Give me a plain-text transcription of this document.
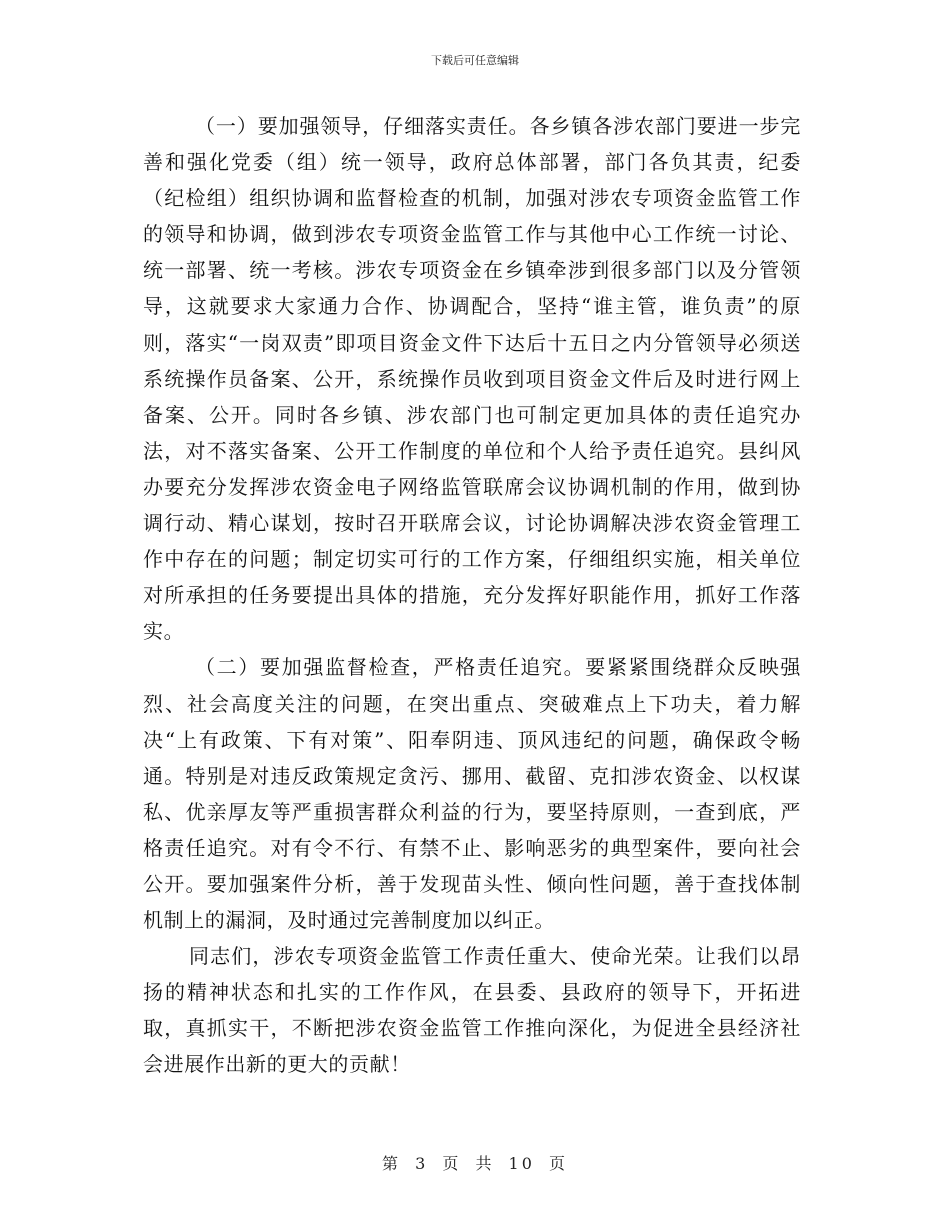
下载后可任意编辑

（一）要加强领导，仔细落实责任。各乡镇各涉农部门要进一步完善和强化党委（组）统一领导，政府总体部署，部门各负其责，纪委（纪检组）组织协调和监督检查的机制，加强对涉农专项资金监管工作的领导和协调，做到涉农专项资金监管工作与其他中心工作统一讨论、统一部署、统一考核。涉农专项资金在乡镇牵涉到很多部门以及分管领导，这就要求大家通力合作、协调配合，坚持“谁主管，谁负责”的原则，落实“一岗双责”即项目资金文件下达后十五日之内分管领导必须送系统操作员备案、公开，系统操作员收到项目资金文件后及时进行网上备案、公开。同时各乡镇、涉农部门也可制定更加具体的责任追究办法，对不落实备案、公开工作制度的单位和个人给予责任追究。县纠风办要充分发挥涉农资金电子网络监管联席会议协调机制的作用，做到协调行动、精心谋划，按时召开联席会议，讨论协调解决涉农资金管理工作中存在的问题；制定切实可行的工作方案，仔细组织实施，相关单位对所承担的任务要提出具体的措施，充分发挥好职能作用，抓好工作落实。

（二）要加强监督检查，严格责任追究。要紧紧围绕群众反映强烈、社会高度关注的问题，在突出重点、突破难点上下功夫，着力解决“上有政策、下有对策”、阳奉阴违、顶风违纪的问题，确保政令畅通。特别是对违反政策规定贪污、挪用、截留、克扣涉农资金、以权谋私、优亲厚友等严重损害群众利益的行为，要坚持原则，一查到底，严格责任追究。对有令不行、有禁不止、影响恶劣的典型案件，要向社会公开。要加强案件分析，善于发现苗头性、倾向性问题，善于查找体制机制上的漏洞，及时通过完善制度加以纠正。

同志们，涉农专项资金监管工作责任重大、使命光荣。让我们以昂扬的精神状态和扎实的工作作风，在县委、县政府的领导下，开拓进取，真抓实干，不断把涉农资金监管工作推向深化，为促进全县经济社会进展作出新的更大的贡献！

第 3 页 共 10 页
